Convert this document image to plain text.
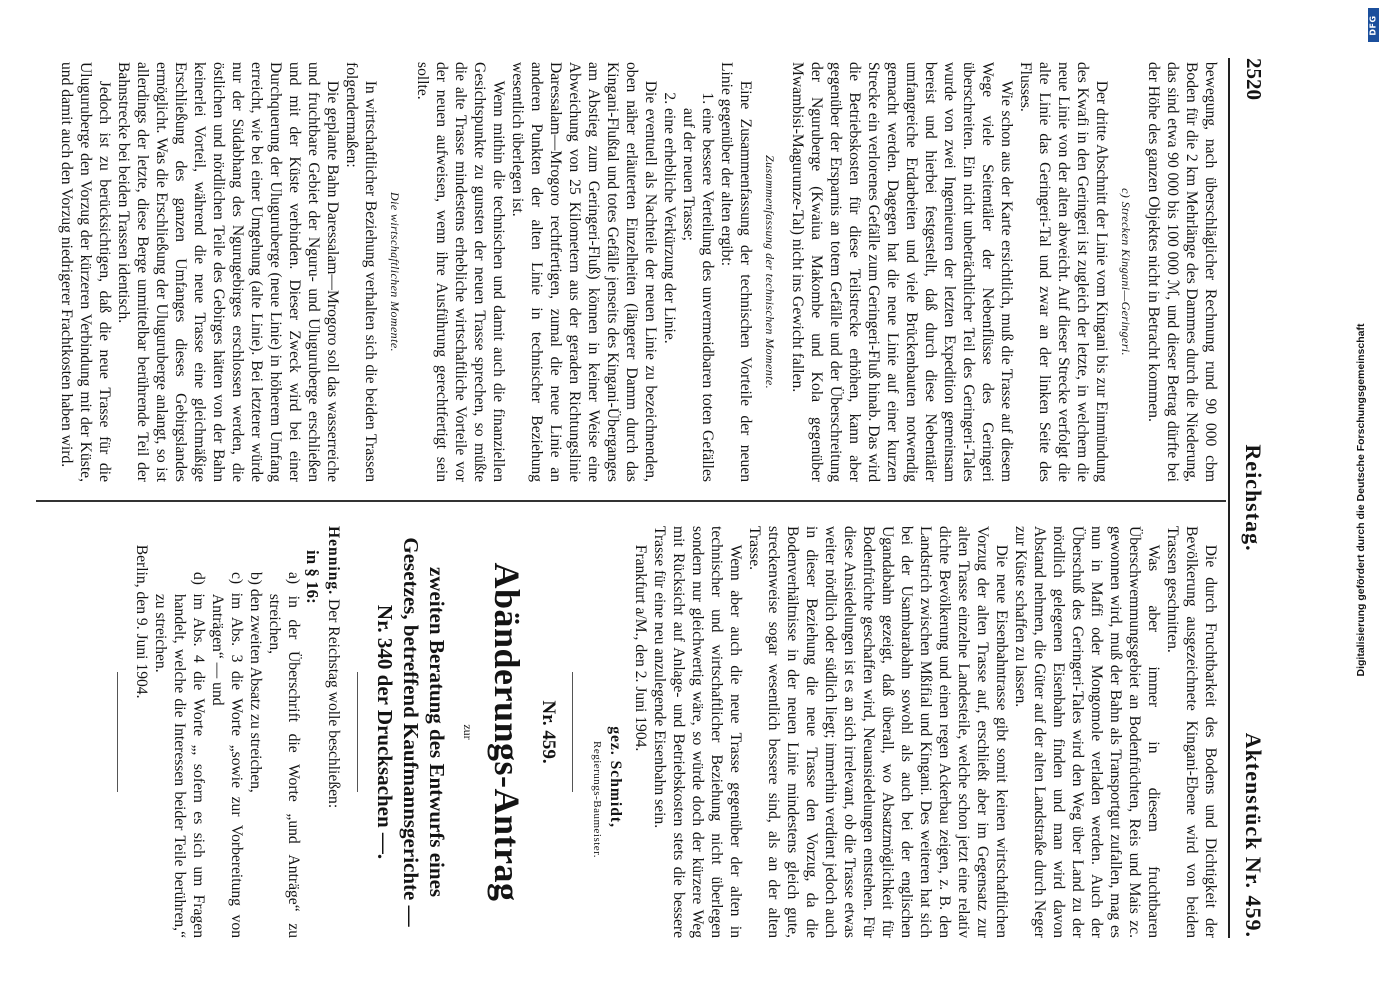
2520
Reichstag.
Aktenstück Nr. 459.

bewegung, nach überschläglicher Rechnung rund 90 000 cbm Boden für die 2 km Mehrlänge des Dammes durch die Niederung, das sind etwa 90 000 bis 100 000 ℳ, und dieser Betrag dürfte bei der Höhe des ganzen Objektes nicht in Betracht kommen.

c) Strecken Kingani—Geringeri.

Der dritte Abschnitt der Linie vom Kingani bis zur Einmündung des Kwafi in den Geringeri ist zugleich der letzte, in welchem die neue Linie von der alten abweicht. Auf dieser Strecke verfolgt die alte Linie das Geringeri-Tal und zwar an der linken Seite des Flusses.

Wie schon aus der Karte ersichtlich, muß die Trasse auf diesem Wege viele Seitentäler der Nebenflüsse des Geringeri überschreiten. Ein nicht unbeträchtlicher Teil des Geringeri-Tales wurde von zwei Ingenieuren der letzten Expedition gemeinsam bereist und hierbei festgestellt, daß durch diese Nebentäler umfangreiche Erdarbeiten und viele Brückenbauten notwendig gemacht werden. Dagegen hat die neue Linie auf einer kurzen Strecke ein verlorenes Gefälle zum Geringeri-Fluß hinab. Das wird die Betriebskosten für diese Teilstrecke erhöhen, kann aber gegenüber der Ersparnis an totem Gefälle und der Überschreitung der Nguruberge (Kwaiua Makombe und Kola gegenüber Mwambisi-Magurunze-Tal) nicht ins Gewicht fallen.

Zusammenfassung der technischen Momente.

Eine Zusammenfassung der technischen Vorteile der neuen Linie gegenüber der alten ergibt:

1. eine bessere Verteilung des unvermeidbaren toten Gefälles auf der neuen Trasse;
2. eine erhebliche Verkürzung der Linie.

Die eventuell als Nachteile der neuen Linie zu bezeichnenden, oben näher erläuterten Einzelheiten (längerer Damm durch das Kingani-Flußtal und totes Gefälle jenseits des Kingani-Überganges am Abstieg zum Geringeri-Fluß) können in keiner Weise eine Abweichung von 25 Kilometern aus der geraden Richtungslinie Daressalam—Mrogoro rechtfertigen, zumal die neue Linie an anderen Punkten der alten Linie in technischer Beziehung wesentlich überlegen ist.

Wenn mithin die technischen und damit auch die finanziellen Gesichtspunkte zu gunsten der neuen Trasse sprechen, so müßte die alte Trasse mindestens erhebliche wirtschaftliche Vorteile vor der neuen aufweisen, wenn ihre Ausführung gerechtfertigt sein sollte.

Die wirtschaftlichen Momente.

In wirtschaftlicher Beziehung verhalten sich die beiden Trassen folgendermaßen:

Die geplante Bahn Daressalam—Mrogoro soll das wasserreiche und fruchtbare Gebiet der Nguru- und Uluguruberge erschließen und mit der Küste verbinden. Dieser Zweck wird bei einer Durchquerung der Uluguruberge (neue Linie) in höherem Umfang erreicht, wie bei einer Umgehung (alte Linie). Bei letzterer würde nur der Südabhang des Ngurugebirges erschlossen werden, die östlichen und nördlichen Teile des Gebirges hätten von der Bahn keinerlei Vorteil, während die neue Trasse eine gleichmäßige Erschließung des ganzen Umfanges dieses Gebirgslandes ermöglicht. Was die Erschließung der Uluguruberge anlangt, so ist allerdings der letzte, diese Berge unmittelbar berührende Teil der Bahnstrecke bei beiden Trassen identisch.

Jedoch ist zu berücksichtigen, daß die neue Trasse für die Uluguruberge den Vorzug der kürzeren Verbindung mit der Küste, und damit auch den Vorzug niedrigerer Frachtkosten haben wird.

Die durch Fruchtbarkeit des Bodens und Dichtigkeit der Bevölkerung ausgezeichnete Kingani-Ebene wird von beiden Trassen geschnitten.

Was aber immer in diesem fruchtbaren Überschwemmungsgebiet an Bodenfrüchten, Reis und Mais zc. gewonnen wird, muß der Bahn als Transportgut zufallen, mag es nun in Maffi oder Mongomole verladen werden. Auch der Überschuß des Geringeri-Tales wird den Weg über Land zu der nördlich gelegenen Eisenbahn finden und man wird davon Abstand nehmen, die Güter auf der alten Landstraße durch Neger zur Küste schaffen zu lassen.

Die neue Eisenbahntrasse gibt somit keinen wirtschaftlichen Vorzug der alten Trasse auf, erschließt aber im Gegensatz zur alten Trasse einzelne Landesteile, welche schon jetzt eine relativ dichte Bevölkerung und einen regen Ackerbau zeigen, z. B. den Landstrich zwischen Mßifial und Kingani. Des weiteren hat sich bei der Usambarabahn sowohl als auch bei der englischen Ugandabahn gezeigt, daß überall, wo Absatzmöglichkeit für Bodenfrüchte geschaffen wird, Neuansiedelungen entstehen. Für diese Ansiedelungen ist es an sich irrelevant, ob die Trasse etwas weiter nördlich oder südlich liegt; immerhin verdient jedoch auch in dieser Beziehung die neue Trasse den Vorzug, da die Bodenverhältnisse in der neuen Linie mindestens gleich gute, streckenweise sogar wesentlich bessere sind, als an der alten Trasse.

Wenn aber auch die neue Trasse gegenüber der alten in technischer und wirtschaftlicher Beziehung nicht überlegen sondern nur gleichwertig wäre, so würde doch der kürzere Weg mit Rücksicht auf Anlage- und Betriebskosten stets die bessere Trasse für eine neu anzulegende Eisenbahn sein.

Frankfurt a/M., den 2. Juni 1904.

gez. Schmidt,
Regierungs-Baumeister.
Nr. 459.
Abänderungs-Antrag
zur
zweiten Beratung des Entwurfs eines Gesetzes, betreffend Kaufmannsgerichte — Nr. 340 der Drucksachen —.

Henning. Der Reichstag wolle beschließen:

in § 16:
a) in der Überschrift die Worte „und Anträge“ zu streichen,
b) den zweiten Absatz zu streichen,
c) im Abs. 3 die Worte „sowie zur Vorbereitung von Anträgen“ — und
d) im Abs. 4 die Worte „, sofern es sich um Fragen handelt, welche die Interessen beider Teile berühren,“ zu streichen.

Berlin, den 9. Juni 1904.	Digitalisierung gefördert durch die Deutsche Forschungsgemeinschaft
DFG
